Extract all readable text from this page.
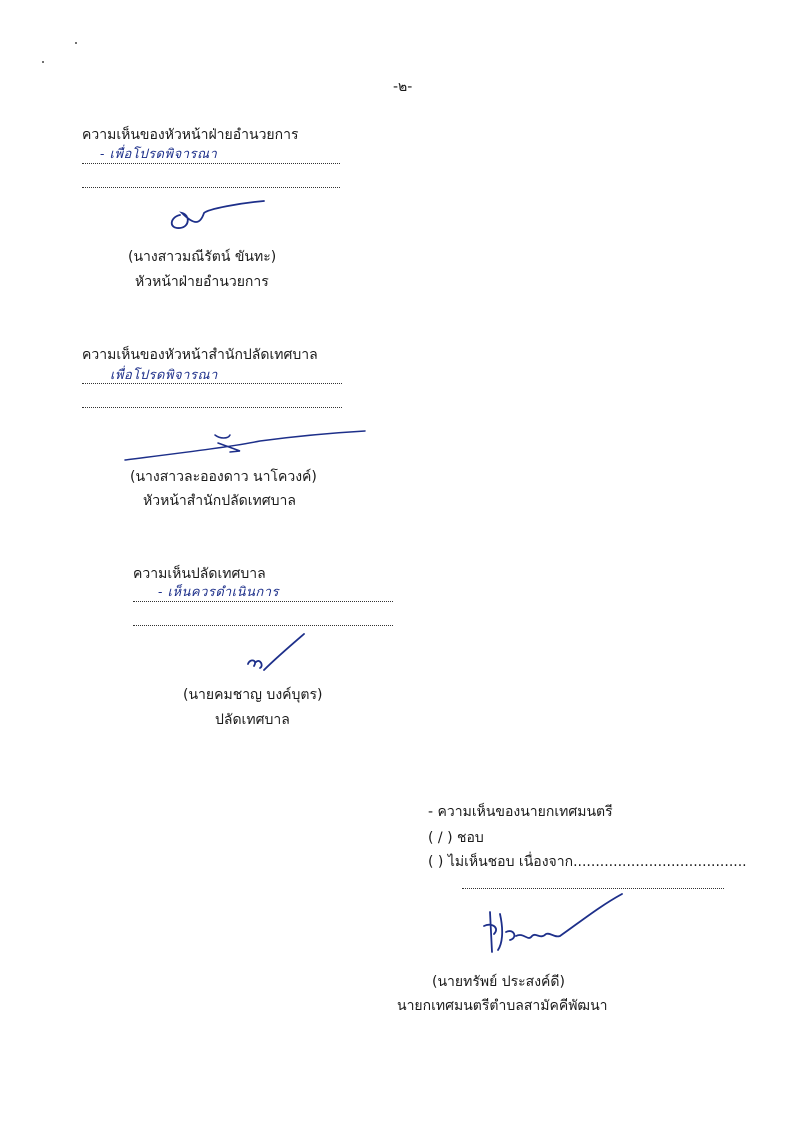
-๒-
ความเห็นของหัวหน้าฝ่ายอำนวยการ
- เพื่อโปรดพิจารณา
(นางสาวมณีรัตน์ ขันทะ)
หัวหน้าฝ่ายอำนวยการ
ความเห็นของหัวหน้าสำนักปลัดเทศบาล
เพื่อโปรดพิจารณา
(นางสาวละอองดาว นาโควงค์)
หัวหน้าสำนักปลัดเทศบาล
ความเห็นปลัดเทศบาล
- เห็นควรดำเนินการ
(นายคมชาญ บงค์บุตร)
ปลัดเทศบาล
- ความเห็นของนายกเทศมนตรี
( / ) ชอบ
( ) ไม่เห็นชอบ เนื่องจาก.......................................
(นายทรัพย์ ประสงค์ดี)
นายกเทศมนตรีตำบลสามัคคีพัฒนา
